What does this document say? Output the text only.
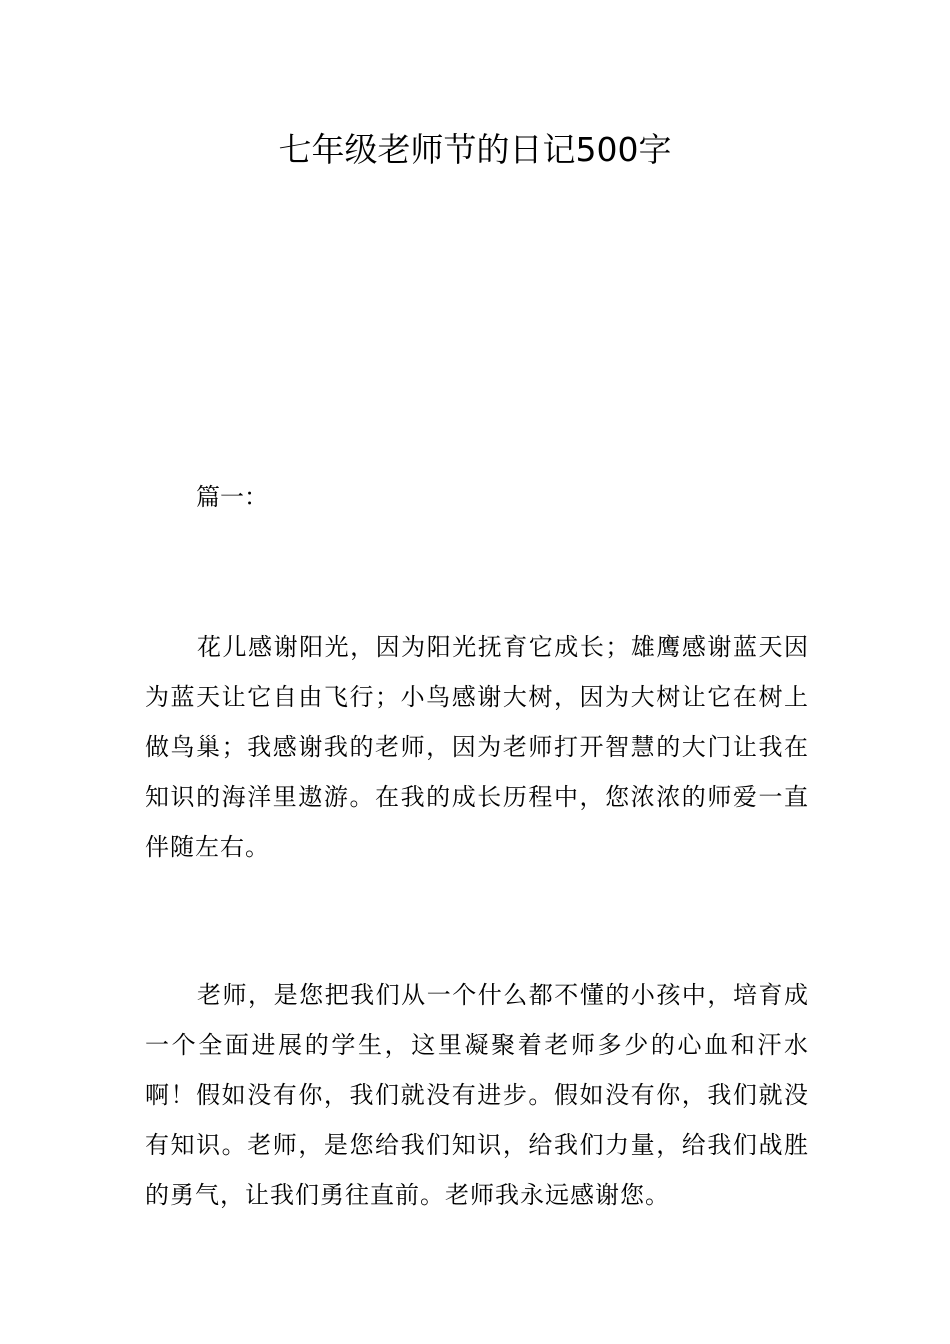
七年级老师节的日记500字
篇一：

花儿感谢阳光，因为阳光抚育它成长；雄鹰感谢蓝天因为蓝天让它自由飞行；小鸟感谢大树，因为大树让它在树上做鸟巢；我感谢我的老师，因为老师打开智慧的大门让我在知识的海洋里遨游。在我的成长历程中，您浓浓的师爱一直伴随左右。

老师，是您把我们从一个什么都不懂的小孩中，培育成一个全面进展的学生，这里凝聚着老师多少的心血和汗水啊！假如没有你，我们就没有进步。假如没有你，我们就没有知识。老师，是您给我们知识，给我们力量，给我们战胜的勇气，让我们勇往直前。老师我永远感谢您。
